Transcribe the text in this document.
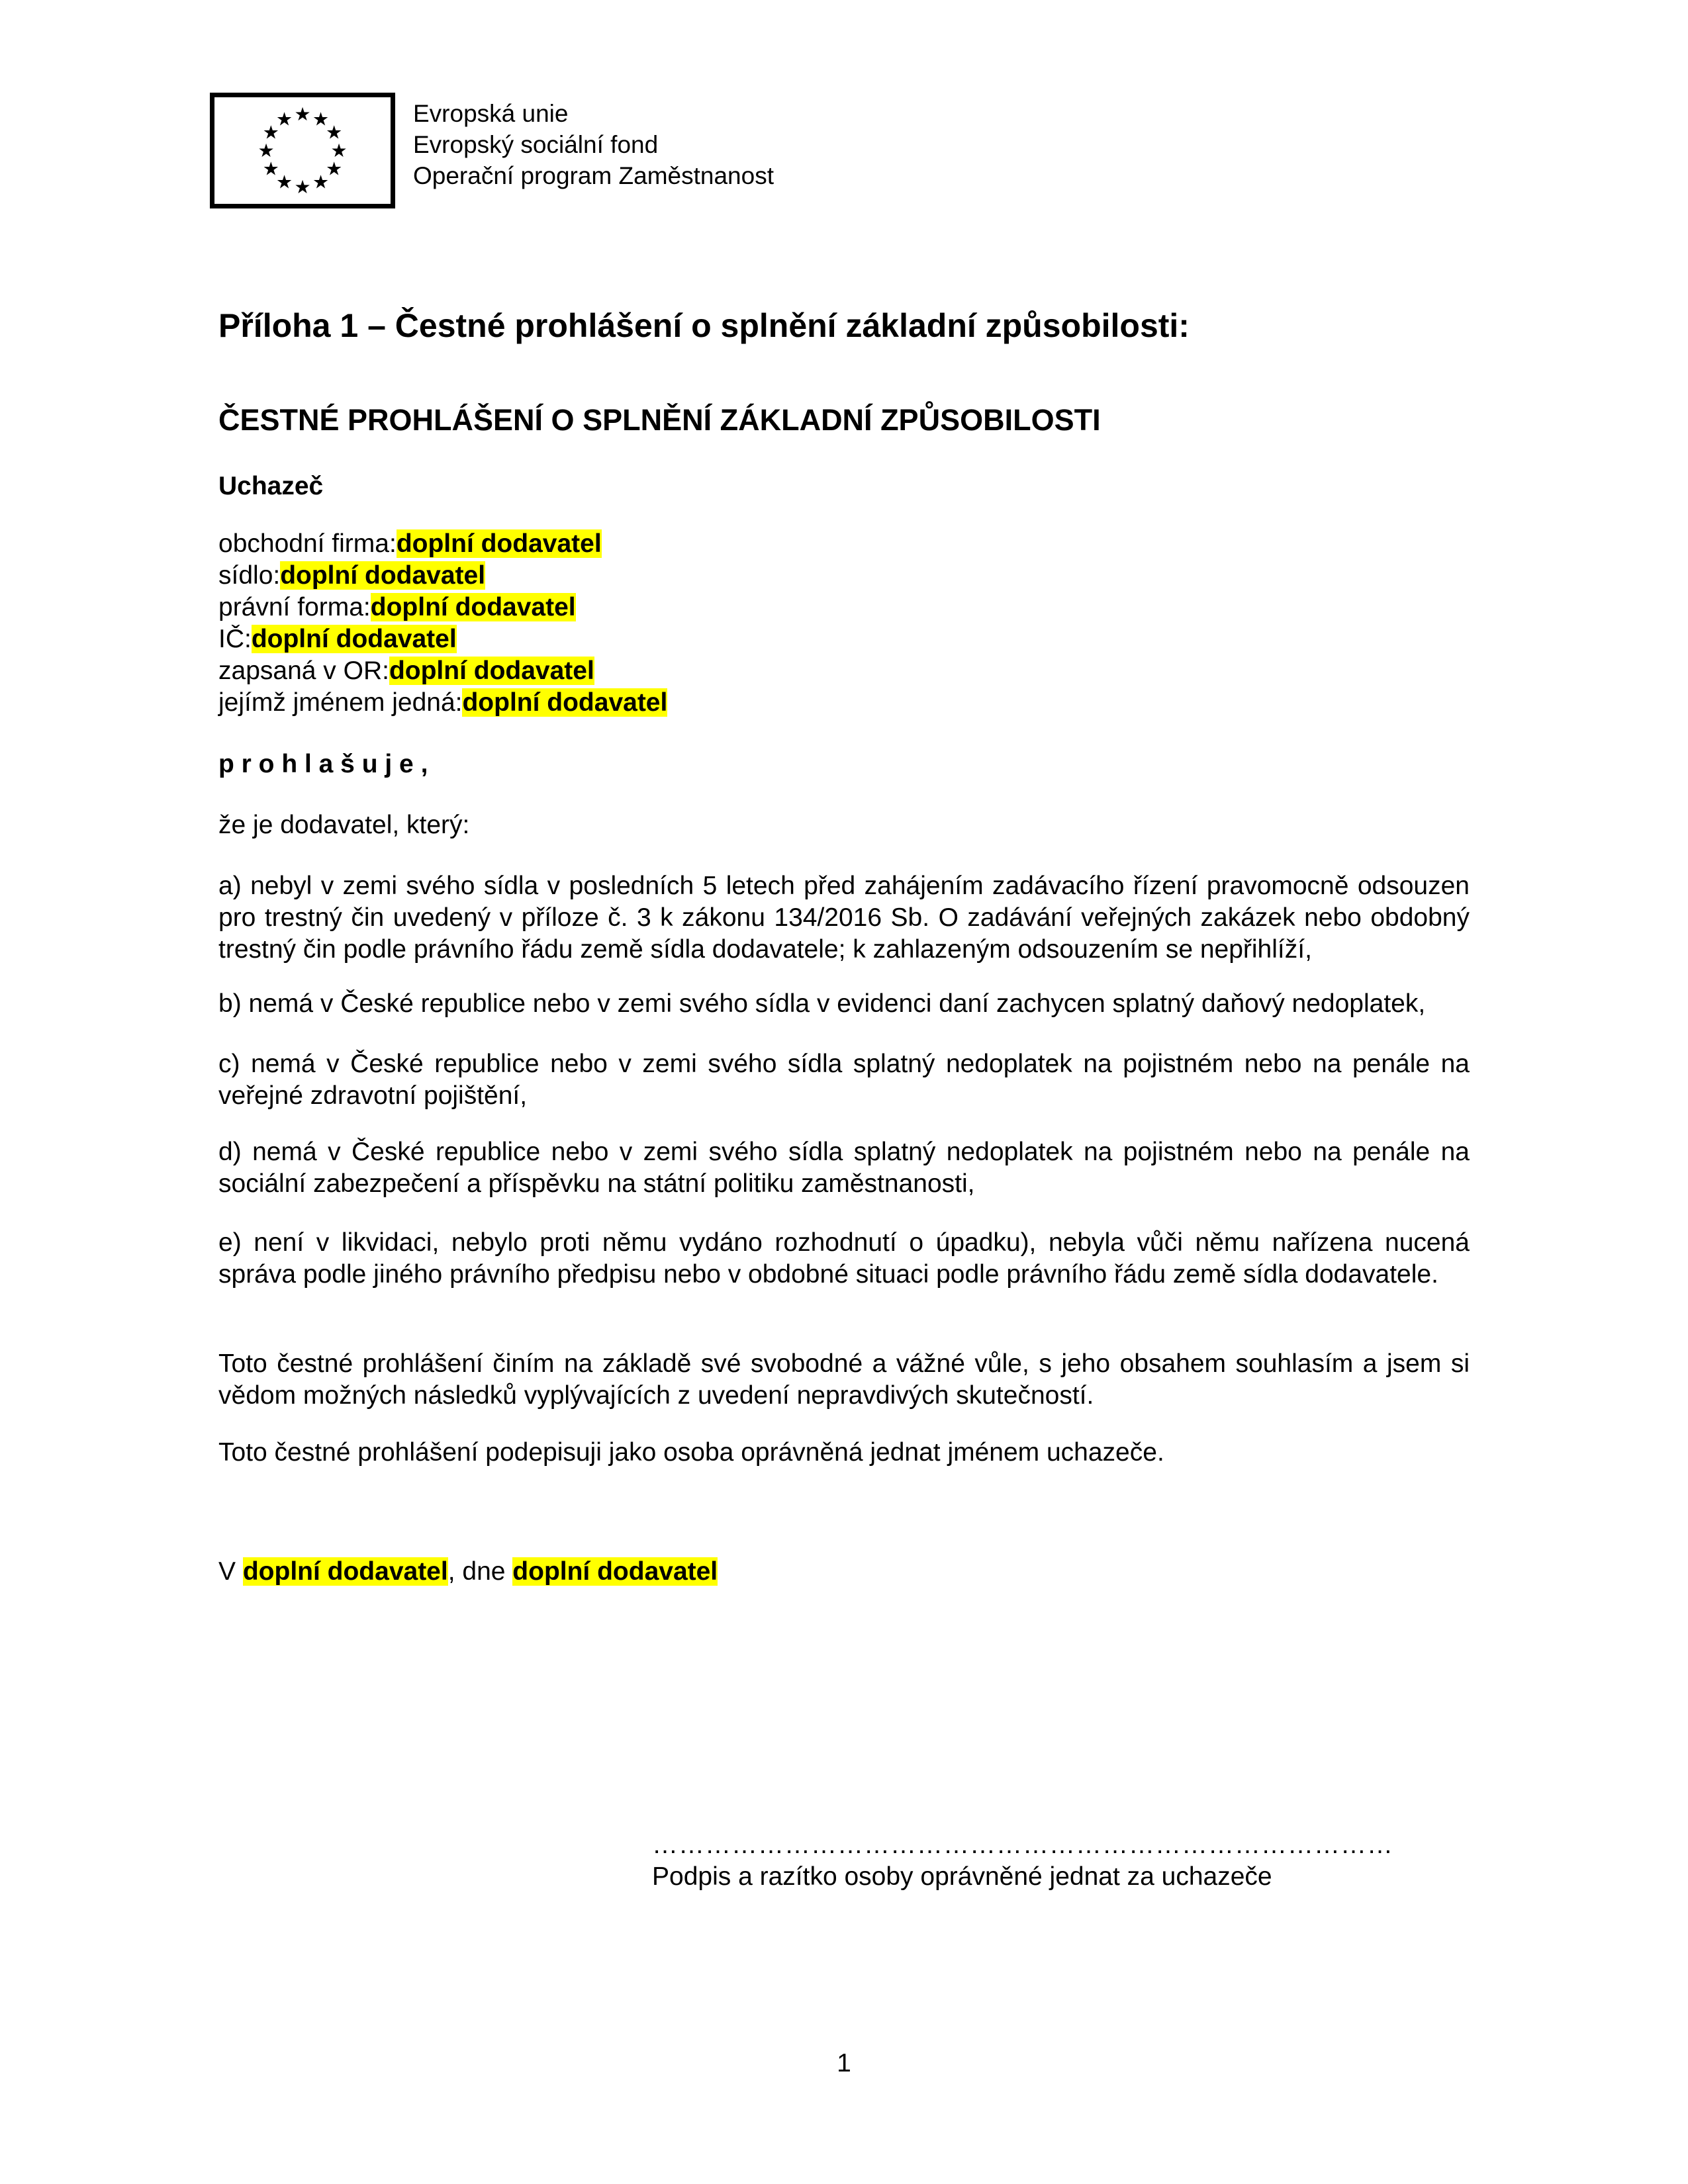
★ ★
★
★
★
★
★
★
★
★
★
★	Evropská unie
Evropský sociální fond
Operační program Zaměstnanost
Příloha 1 – Čestné prohlášení o splnění základní způsobilosti:
ČESTNÉ PROHLÁŠENÍ O SPLNĚNÍ ZÁKLADNÍ ZPŮSOBILOSTI
Uchazeč
obchodní firma:doplní dodavatel
sídlo:doplní dodavatel
právní forma:doplní dodavatel
IČ:doplní dodavatel
zapsaná v OR:doplní dodavatel
jejímž jménem jedná:doplní dodavatel
p r o h l a š u j e ,

že je dodavatel, který:

a) nebyl v zemi svého sídla v posledních 5 letech před zahájením zadávacího řízení pravomocně odsouzen pro trestný čin uvedený v příloze č. 3 k zákonu 134/2016 Sb. O zadávání veřejných zakázek nebo obdobný trestný čin podle právního řádu země sídla dodavatele; k zahlazeným odsouzením se nepřihlíží,

b) nemá v České republice nebo v zemi svého sídla v evidenci daní zachycen splatný daňový nedoplatek,

c) nemá v České republice nebo v zemi svého sídla splatný nedoplatek na pojistném nebo na penále na veřejné zdravotní pojištění,

d) nemá v České republice nebo v zemi svého sídla splatný nedoplatek na pojistném nebo na penále na sociální zabezpečení a příspěvku na státní politiku zaměstnanosti,

e) není v likvidaci, nebylo proti němu vydáno rozhodnutí o úpadku), nebyla vůči němu nařízena nucená správa podle jiného právního předpisu nebo v obdobné situaci podle právního řádu země sídla dodavatele.

Toto čestné prohlášení činím na základě své svobodné a vážné vůle, s jeho obsahem souhlasím a jsem si vědom možných následků vyplývajících z uvedení nepravdivých skutečností.

Toto čestné prohlášení podepisuji jako osoba oprávněná jednat jménem uchazeče.

V doplní dodavatel, dne doplní dodavatel
…………………………………………………………………………
Podpis a razítko osoby oprávněné jednat za uchazeče
1
